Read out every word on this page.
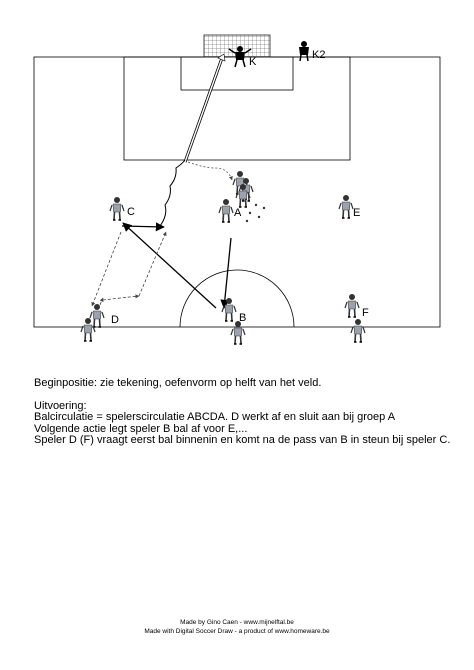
K
K2
A
C	E
B
D
F

Beginpositie: zie tekening, oefenvorm op helft van het veld.

Uitvoering:

Balcirculatie = spelerscirculatie ABCDA. D werkt af en sluit aan bij groep A

Volgende actie legt speler B bal af voor E,...

Speler D (F) vraagt eerst bal binnenin en komt na de pass van B in steun bij speler C.

Made by Gino Caen - www.mijnelftal.be
Made with Digital Soccer Draw - a product of www.homeware.be
